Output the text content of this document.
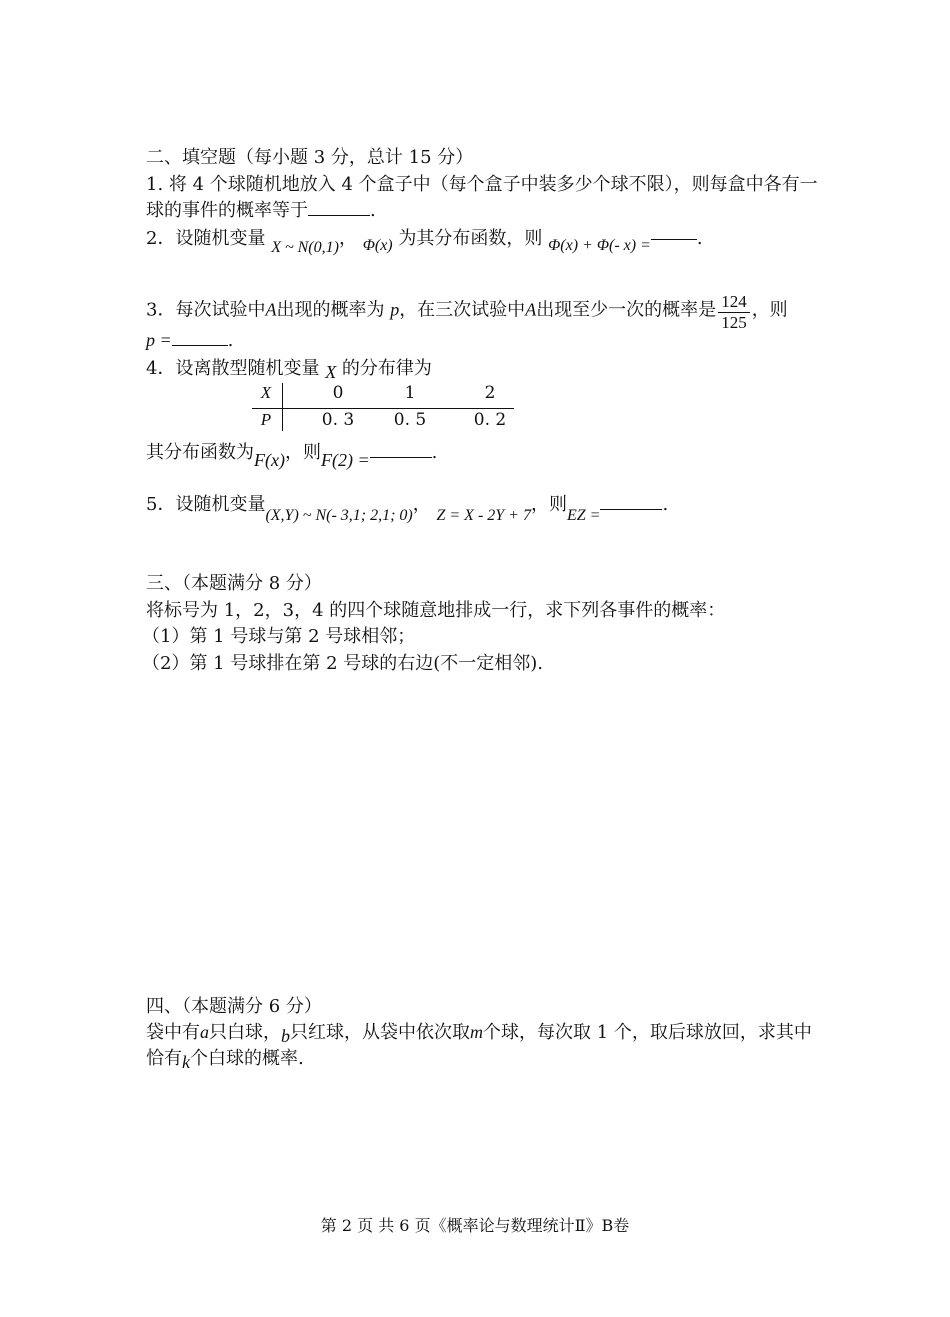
二、填空题（每小题 3 分，总计 15 分）
1. 将 4 个球随机地放入 4 个盒子中（每个盒子中装多少个球不限），则每盒中各有一
球的事件的概率等于	.
2．设随机变量 X ~ N(0,1)， Φ(x) 为其分布函数，则 Φ(x) + Φ(- x) =	.
3．每次试验中A出现的概率为 p，在三次试验中A出现至少一次的概率是 $\frac{124}{125}$ ，则
p =	.
4．设离散型随机变量 X 的分布律为
X	0	1	2
P	0. 3	0. 5	0. 2
其分布函数为F(x)，则F(2) =	.
5．设随机变量(X,Y) ~ N(- 3,1; 2,1; 0)， Z = X - 2Y + 7，则EZ =.
三、（本题满分 8 分）
将标号为 1，2，3，4 的四个球随意地排成一行，求下列各事件的概率：
（1）第 1 号球与第 2 号球相邻；
（2）第 1 号球排在第 2 号球的右边(不一定相邻).
四、（本题满分 6 分）
袋中有a只白球，b只红球，从袋中依次取m个球，每次取 1 个，取后球放回，求其中
恰有k个白球的概率.
第 2 页 共 6 页《概率论与数理统计Ⅱ》B卷
